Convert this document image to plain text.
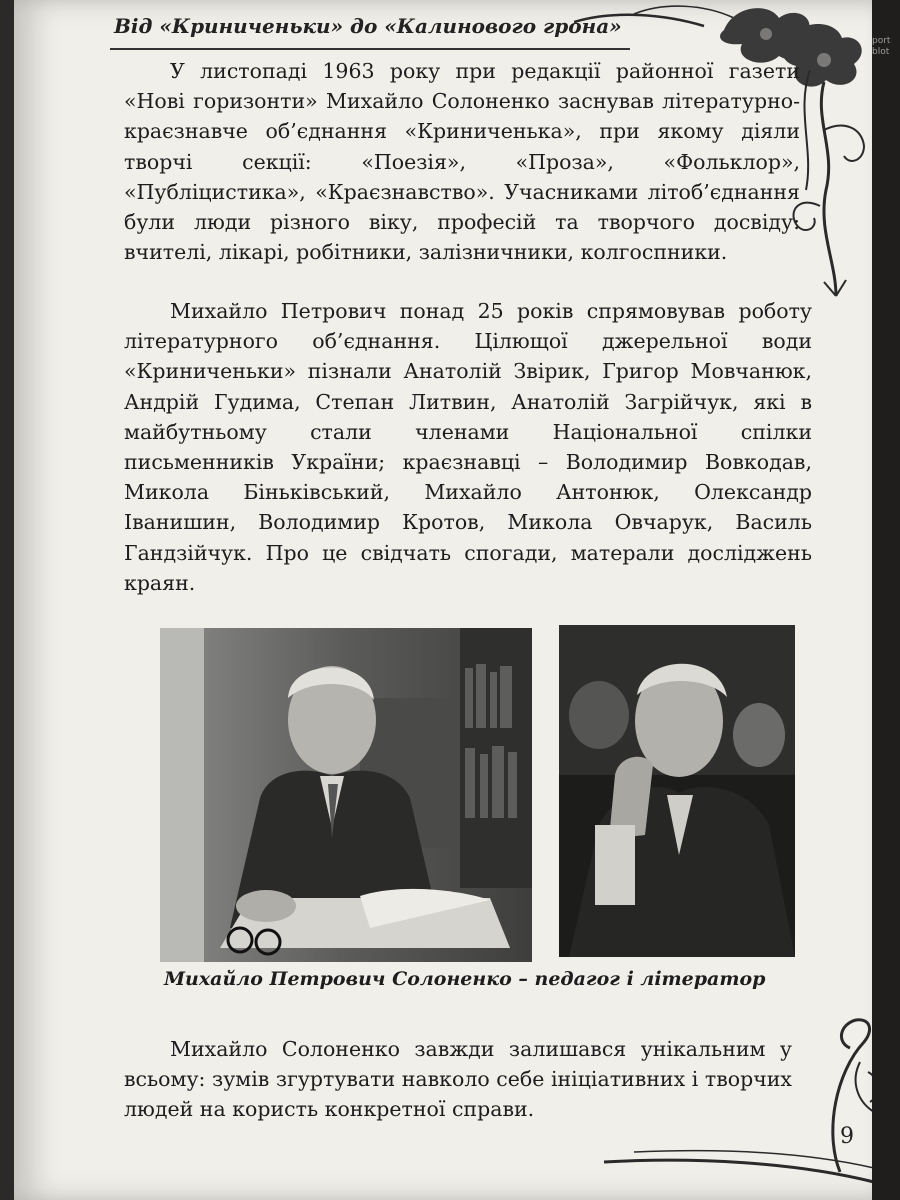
Від «Криниченьки» до «Калинового грона»

У листопаді 1963 року при редакції районної газети «Нові горизонти» Михайло Солоненко заснував літературно-краєзнавче об’єднання «Криниченька», при якому діяли творчі секції: «Поезія», «Проза», «Фольклор», «Публіцистика», «Краєзнавство». Учасниками літоб’єднання були люди різного віку, професій та творчого досвіду: вчителі, лікарі, робітники, залізничники, колгоспники.

Михайло Петрович понад 25 років спрямовував роботу літературного об’єднання. Цілющої джерельної води «Криниченьки» пізнали Анатолій Звірик, Григор Мовчанюк, Андрій Гудима, Степан Литвин, Анатолій Загрійчук, які в майбутньому стали членами Національної спілки письменників України; краєзнавці – Володимир Вовкодав, Микола Біньківський, Михайло Антонюк, Олександр Іванишин, Володимир Кротов, Микола Овчарук, Василь Гандзійчук. Про це свідчать спогади, матерали досліджень краян.

Михайло Петрович Солоненко – педагог і літератор

Михайло Солоненко завжди залишався унікальним у всьому: зумів згуртувати навколо себе ініціативних і творчих людей на користь конкретної справи.

9
port
blot
